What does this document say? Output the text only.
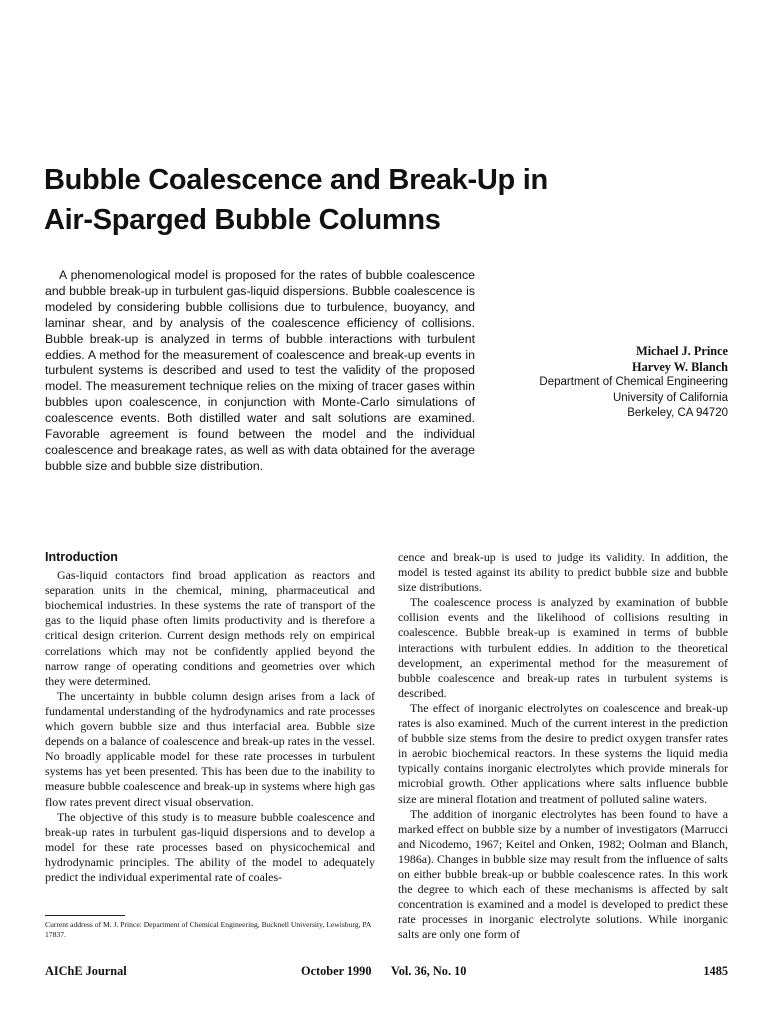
Bubble Coalescence and Break-Up in
Air-Sparged Bubble Columns

A phenomenological model is proposed for the rates of bubble coalescence and bubble break-up in turbulent gas-liquid dispersions. Bubble coalescence is modeled by considering bubble collisions due to turbulence, buoyancy, and laminar shear, and by analysis of the coalescence efficiency of collisions. Bubble break-up is analyzed in terms of bubble interactions with turbulent eddies. A method for the measurement of coalescence and break-up events in turbulent systems is described and used to test the validity of the proposed model. The measurement technique relies on the mixing of tracer gases within bubbles upon coalescence, in conjunction with Monte-Carlo simulations of coalescence events. Both distilled water and salt solutions are examined. Favorable agreement is found between the model and the individual coalescence and breakage rates, as well as with data obtained for the average bubble size and bubble size distribution.

Michael J. Prince
Harvey W. Blanch
Department of Chemical Engineering
University of California
Berkeley, CA 94720
Introduction

Gas-liquid contactors find broad application as reactors and separation units in the chemical, mining, pharmaceutical and biochemical industries. In these systems the rate of transport of the gas to the liquid phase often limits productivity and is therefore a critical design criterion. Current design methods rely on empirical correlations which may not be confidently applied beyond the narrow range of operating conditions and geometries over which they were determined.

The uncertainty in bubble column design arises from a lack of fundamental understanding of the hydrodynamics and rate processes which govern bubble size and thus interfacial area. Bubble size depends on a balance of coalescence and break-up rates in the vessel. No broadly applicable model for these rate processes in turbulent systems has yet been presented. This has been due to the inability to measure bubble coalescence and break-up in systems where high gas flow rates prevent direct visual observation.

The objective of this study is to measure bubble coalescence and break-up rates in turbulent gas-liquid dispersions and to develop a model for these rate processes based on physicochemical and hydrodynamic principles. The ability of the model to adequately predict the individual experimental rate of coales-

cence and break-up is used to judge its validity. In addition, the model is tested against its ability to predict bubble size and bubble size distributions.

The coalescence process is analyzed by examination of bubble collision events and the likelihood of collisions resulting in coalescence. Bubble break-up is examined in terms of bubble interactions with turbulent eddies. In addition to the theoretical development, an experimental method for the measurement of bubble coalescence and break-up rates in turbulent systems is described.

The effect of inorganic electrolytes on coalescence and break-up rates is also examined. Much of the current interest in the prediction of bubble size stems from the desire to predict oxygen transfer rates in aerobic biochemical reactors. In these systems the liquid media typically contains inorganic electrolytes which provide minerals for microbial growth. Other applications where salts influence bubble size are mineral flotation and treatment of polluted saline waters.

The addition of inorganic electrolytes has been found to have a marked effect on bubble size by a number of investigators (Marrucci and Nicodemo, 1967; Keitel and Onken, 1982; Oolman and Blanch, 1986a). Changes in bubble size may result from the influence of salts on either bubble break-up or bubble coalescence rates. In this work the degree to which each of these mechanisms is affected by salt concentration is examined and a model is developed to predict these rate processes in inorganic electrolyte solutions. While inorganic salts are only one form of

Current address of M. J. Prince: Department of Chemical Engineering, Bucknell University, Lewisburg, PA 17837.

AIChE Journal	October 1990 Vol. 36, No. 10	1485
